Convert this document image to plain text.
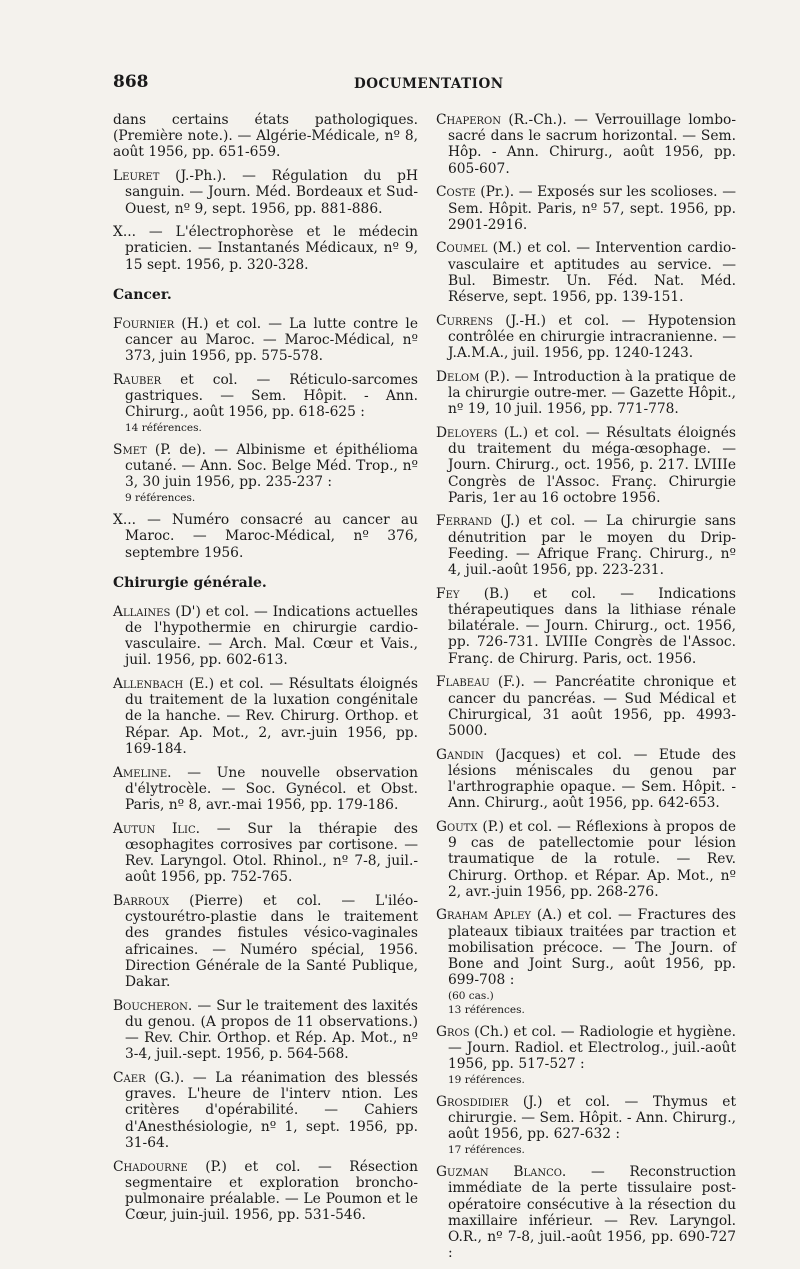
868	DOCUMENTATION
dans certains états pathologiques. (Première note.). — Algérie-Médicale, nº 8, août 1956, pp. 651-659.
Leuret (J.-Ph.). — Régulation du pH sanguin. — Journ. Méd. Bordeaux et Sud-Ouest, nº 9, sept. 1956, pp. 881-886.
X... — L'électrophorèse et le médecin praticien. — Instantanés Médicaux, nº 9, 15 sept. 1956, p. 320-328.
Cancer.
Fournier (H.) et col. — La lutte contre le cancer au Maroc. — Maroc-Médical, nº 373, juin 1956, pp. 575-578.
Rauber et col. — Réticulo-sarcomes gastriques. — Sem. Hôpit. - Ann. Chirurg., août 1956, pp. 618-625 :
14 références.
Smet (P. de). — Albinisme et épithélioma cutané. — Ann. Soc. Belge Méd. Trop., nº 3, 30 juin 1956, pp. 235-237 :
9 références.
X... — Numéro consacré au cancer au Maroc. — Maroc-Médical, nº 376, septembre 1956.
Chirurgie générale.
Allaines (D') et col. — Indications actuelles de l'hypothermie en chirurgie cardio-vasculaire. — Arch. Mal. Cœur et Vais., juil. 1956, pp. 602-613.
Allenbach (E.) et col. — Résultats éloignés du traitement de la luxation congénitale de la hanche. — Rev. Chirurg. Orthop. et Répar. Ap. Mot., 2, avr.-juin 1956, pp. 169-184.
Ameline. — Une nouvelle observation d'élytrocèle. — Soc. Gynécol. et Obst. Paris, nº 8, avr.-mai 1956, pp. 179-186.
Autun Ilic. — Sur la thérapie des œsophagites corrosives par cortisone. — Rev. Laryngol. Otol. Rhinol., nº 7-8, juil.-août 1956, pp. 752-765.
Barroux (Pierre) et col. — L'iléo-cystourétro-plastie dans le traitement des grandes fistules vésico-vaginales africaines. — Numéro spécial, 1956. Direction Générale de la Santé Publique, Dakar.
Boucheron. — Sur le traitement des laxités du genou. (A propos de 11 observations.) — Rev. Chir. Orthop. et Rép. Ap. Mot., nº 3-4, juil.-sept. 1956, p. 564-568.
Caer (G.). — La réanimation des blessés graves. L'heure de l'interv ntion. Les critères d'opérabilité. — Cahiers d'Anesthésiologie, nº 1, sept. 1956, pp. 31-64.
Chadourne (P.) et col. — Résection segmentaire et exploration broncho-pulmonaire préalable. — Le Poumon et le Cœur, juin-juil. 1956, pp. 531-546.
Chaperon (R.-Ch.). — Verrouillage lombo-sacré dans le sacrum horizontal. — Sem. Hôp. - Ann. Chirurg., août 1956, pp. 605-607.
Coste (Pr.). — Exposés sur les scolioses. — Sem. Hôpit. Paris, nº 57, sept. 1956, pp. 2901-2916.
Coumel (M.) et col. — Intervention cardio-vasculaire et aptitudes au service. — Bul. Bimestr. Un. Féd. Nat. Méd. Réserve, sept. 1956, pp. 139-151.
Currens (J.-H.) et col. — Hypotension contrôlée en chirurgie intracranienne. — J.A.M.A., juil. 1956, pp. 1240-1243.
Delom (P.). — Introduction à la pratique de la chirurgie outre-mer. — Gazette Hôpit., nº 19, 10 juil. 1956, pp. 771-778.
Deloyers (L.) et col. — Résultats éloignés du traitement du méga-œsophage. — Journ. Chirurg., oct. 1956, p. 217. LVIIIe Congrès de l'Assoc. Franç. Chirurgie Paris, 1er au 16 octobre 1956.
Ferrand (J.) et col. — La chirurgie sans dénutrition par le moyen du Drip-Feeding. — Afrique Franç. Chirurg., nº 4, juil.-août 1956, pp. 223-231.
Fey (B.) et col. — Indications thérapeutiques dans la lithiase rénale bilatérale. — Journ. Chirurg., oct. 1956, pp. 726-731. LVIIIe Congrès de l'Assoc. Franç. de Chirurg. Paris, oct. 1956.
Flabeau (F.). — Pancréatite chronique et cancer du pancréas. — Sud Médical et Chirurgical, 31 août 1956, pp. 4993-5000.
Gandin (Jacques) et col. — Etude des lésions méniscales du genou par l'arthrographie opaque. — Sem. Hôpit. - Ann. Chirurg., août 1956, pp. 642-653.
Goutx (P.) et col. — Réflexions à propos de 9 cas de patellectomie pour lésion traumatique de la rotule. — Rev. Chirurg. Orthop. et Répar. Ap. Mot., nº 2, avr.-juin 1956, pp. 268-276.
Graham Apley (A.) et col. — Fractures des plateaux tibiaux traitées par traction et mobilisation précoce. — The Journ. of Bone and Joint Surg., août 1956, pp. 699-708 :
(60 cas.)
13 références.
Gros (Ch.) et col. — Radiologie et hygiène. — Journ. Radiol. et Electrolog., juil.-août 1956, pp. 517-527 :
19 références.
Grosdidier (J.) et col. — Thymus et chirurgie. — Sem. Hôpit. - Ann. Chirurg., août 1956, pp. 627-632 :
17 références.
Guzman Blanco. — Reconstruction immédiate de la perte tissulaire post-opératoire consécutive à la résection du maxillaire inférieur. — Rev. Laryngol. O.R., nº 7-8, juil.-août 1956, pp. 690-727 :
